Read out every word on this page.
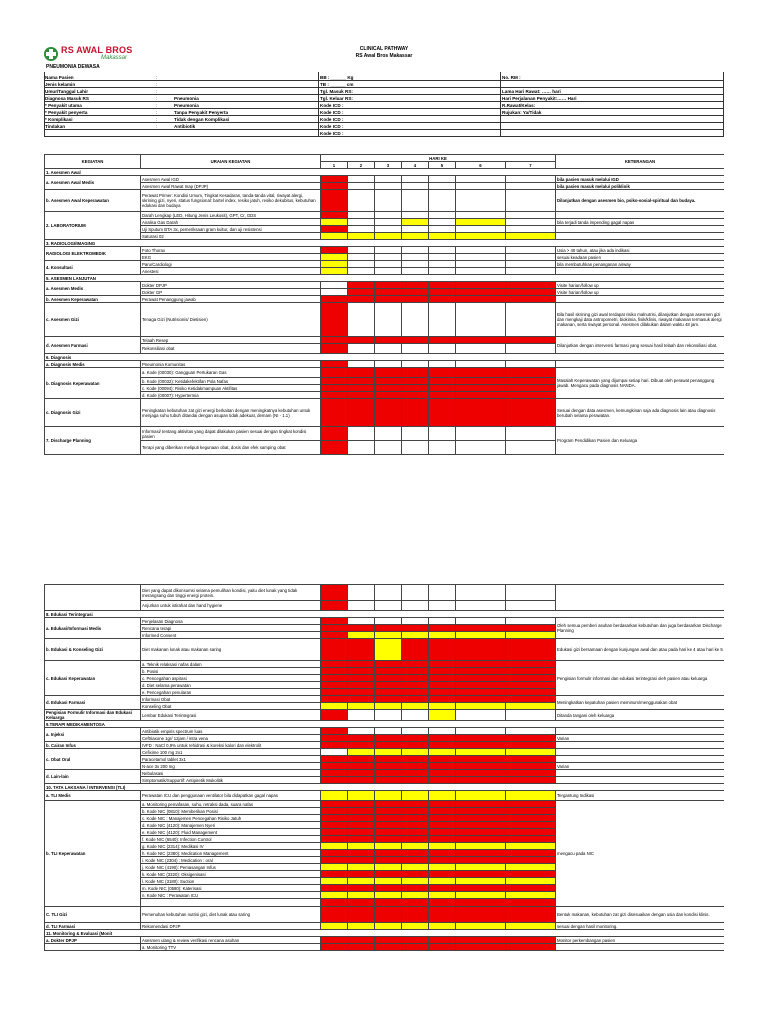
RS AWAL BROS
Makassar
CLINICAL PATHWAY
RS Awal Bros Makassar
PNEUMONIA DEWASA
Nama Pasien	:	BB : ______ Kg	No. RM :
Jenis kelamin	:	TB : ______ cm
Umur/Tanggal Lahir	:	Tgl. Masuk RS:	Lama Hari Rawat: …… hari
Diagnosa Masuk RS	:	Pneumonia	Tgl. Keluar RS:	Hari Perjalanan Penyakit:…… Hari
* Penyakit utama	:	Pneumonia	Kode ICD :	R.Rawat/Kelas:
* Penyakit penyerta	:	Tanpa Penyakit Penyerta	Kode ICD :	Rujukan: Ya/Tidak
* Komplikasi	:	Tidak dengan Komplikasi	Kode ICD :
Tindakan	:	Antibiotik	Kode ICD :
Kode ICD :
KEGIATAN	URAIAN KEGIATAN	HARI KE							KETERANGAN
		1	2	3	4	5	6	7	
1. Asesmen Awal									
a. Asesmen Awal Medis	Asesmen Awal IGD								bila pasien masuk melalui IGD
	Asesmen Awal Rawat Inap (DPJP)								bila pasien masuk melalui poliklinik
b. Asesmen Awal Keperawatan	Perawat Primer: Kondisi Umum, Tingkat Kesadaran, tanda-tanda vital, riwayat alergi, skrining gizi, nyeri, status fungsional: bartel index, resiko jatuh, resiko dekubitus, kebutuhan edukasi dan budaya								Dilanjutkan dengan asesmen bio, psiko-sosial-spiritual dan budaya.
2. LABORATORIUM	Darah Lengkap (LED, Hitung Jenis Leukosit), GPT, Cr, GDS								
	Analisa Gas Darah								bila terjadi tanda impending gagal napas
	Uji Sputum BTA 3x, pemeriksaan gram kultur, dan uji resistensi								
	Saturasi 02								
3. RADIOLOGI/IMAGING									
RADIOLOGI ELEKTROMEDIK	Foto Thorax								Usia > 40 tahun, atau jika ada indikasi
	EKG								sesuai keadaan pasien
4. Konsultasi	Paru/Cardiologi								bila membutuhkan penanganan airway
	Anestesi								
5. ASESMEN LANJUTAN									
a. Asesmen Medis	Dokter DPJP								Visite harian/follow up
	Dokter GP								Visite harian/follow up
b. Asesmen Keperawatan	Perawat Penanggung jawab								
c. Asesmen Gizi	Tenaga Gizi (Nutrisionis/ Dietisien)								Bila hasil skrining gizi awal terdapat risiko malnutrisi, dilanjutkan dengan asesmen gizi dan mengkaji data antropometri, biokimia, fisik/klinis, riwayat makanan termasuk alergi makanan, serta riwayat personal. Asesmen dilakukan dalam waktu 48 jam.
d. Asesmen Farmasi	Telaah Resep								Dilanjutkan dengan intervensi farmasi yang sesuai hasil telaah dan rekonsiliasi obat.
	Rekonsiliasi obat								
6. Diagnosis									
a. Diagnosis Medis	Pneumonia Komunitas								
b. Diagnosis Keperawatan	a. Kode (00030): Gangguan Pertukaran Gas								Masalah Keperawatan yang dijumpai setiap hari. Dibuat oleh perawat penanggung jawab. Mengacu pada diagnosis NANDA.
	b. Kode (00032): Ketidakefektifan Pola Nafas								
	c. Kode (00094): Risiko Ketidakmampuan Aktifitas								
	d. Kode (00007): Hypertermia								
c. Diagnosis Gizi	Peningkatan kebutuhan zat gizi energi berkaitan dengan meningkatnya kebutuhan untuk menjaga suhu tubuh ditandai dengan asupan tidak adekuat, demam (NI - 1.1)								Sesuai dengan data asesmen, kemungkinan saja ada diagnosis lain atau diagnosis berubah selama perawatan.
7. Discharge Planning	Informasi/ tentang aktivitas yang dapat dilakukan pasien sesuai dengan tingkat kondisi pasien								Program Pendidikan Pasien dan Keluarga
	Terapi yang diberikan meliputi kegunaan obat, dosis dan efek samping obat								
	Diet yang dapat dikonsumsi selama pemulihan kondisi, yaitu diet lunak yang tidak merangsang dan tinggi energi protein.								
	Anjurkan untuk istirahat dan hand hygiene								
8. Edukasi Terintegrasi									
a. Edukasi/Informasi Medis	Penjelasan Diagnosa								Oleh semua pemberi asuhan berdasarkan kebutuhan dan juga berdasarkan Discharge Planning
	Rencana terapi								
	Informed Consent								
b. Edukasi & Konseling Gizi	Diet makanan lunak atau makanan saring								Edukasi gizi bersamaan dengan kunjungan awal dan atau pada hari ke 4 atau hari ke 5
c. Edukasi Keperawatan	a. Teknik relaksasi nafas dalam								Pengisian formulir informasi dan edukasi terintegrasi oleh pasien atau keluarga
	b. Posisi								
	c. Pencegahan aspirasi								
	d. Diet selama perawatan								
	e. Pencegahan penularan								
d. Edukasi Farmasi	Informasi Obat								Meningkatkan kepatuhan pasien meminum/menggunakan obat
	Konseling Obat								
Pengisian Formulir Informasi dan Edukasi Keluarga	Lembar Edukasi Terintegrasi								Ditanda tangani oleh keluarga
9.TERAPI MEDIKAMENTOSA									
a. Injeksi	Antibiotik empiris spectrum luas								
	Ceftriaxone 1gr/ 12jam / intra vena								Varian
b. Cairan Infus	IVFD : NaCl 0,9% untuk rehidrasi & koreksi kalori dan elektrolit								
c. Obat Oral	Cefixime 100 mg 2x1								
	Paracetamol tablet 3x1								
	N-ace 3x 200 mg								Varian
d. Lain-lain	Nebulasasi								
	Simptomatik/Supportif: Antipiretik Mukolitik								
10. TATA LAKSANA / INTERVENSI (TLI)									
a. TLI Medis	Perawatan ICU dan penggunaan ventilator bila didapatkan gagal napas								Tergantung Indikasi
b. TLI Keperawatan	a. Monitoring pemafasan, suhu, retraksi dada, suara nafas								mengacu pada NIC
	b. Kode NIC (0810): Memberikan Posisi								
	c. Kode NIC : Manajemen Pencegahan Risiko Jatuh								
	d. Kode NIC (4120): Manajemen Nyeri								
	e. Kode NIC (4120): Fluid Management								
	f. Kode NIC (6540): Infection Control								
	g. Kode NIC (2314): Medikasi IV								
	h. Kode NIC (2380): Medication Management								
	i. Kode NIC (2304) : Medication : oral								
	j. Kode NIC (4190): Pemasangan Infus								
	k. Kode NIC (3320): Oksigenisasi								
	l. Kode NIC (3180): Suction								
	m. Kode NIC (0580): Katerisasi								
	n. Kode NIC : Perawatan ICU								

C. TLI Gizi	Pemenuhan kebutuhan nutrisi gizi, diet lunak atau saring								Bentuk makanan, kebutuhan zat gizi disesuaikan dengan usia dan kondisi klinis.
d. TLI Farmasi	Rekomendasi DPJP								sesuai dengan hasil monitoring.
11. Monitoring & Evaluasi (Monit									
a. Dokter DPJP	Asesmen ulang & review verifikasi rencana asuhan								Monitor perkembangan pasien
	a. Monitoring TTV								
